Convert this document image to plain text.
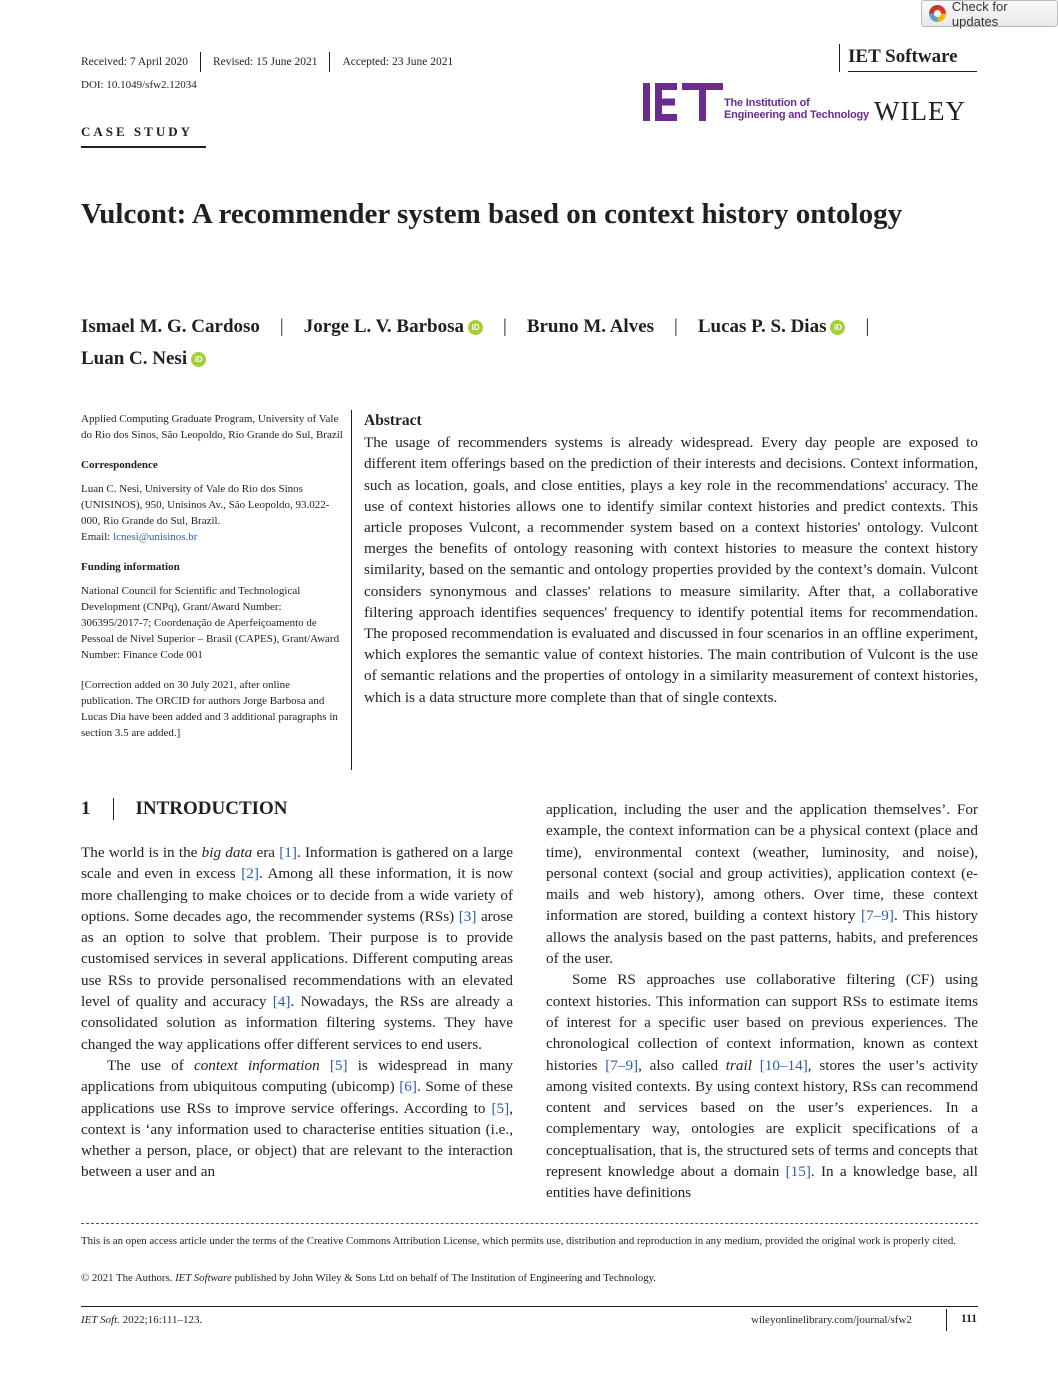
Check for updates
Received: 7 April 2020	Revised: 15 June 2021	Accepted: 23 June 2021
DOI: 10.1049/sfw2.12034
IET Software
The Institution of
Engineering and Technology WILEY
CASE STUDY
Vulcont: A recommender system based on context history ontology
Ismael M. G. Cardoso | Jorge L. V. Barbosa iD | Bruno M. Alves | Lucas P. S. Dias iD |
Luan C. Nesi iD

Applied Computing Graduate Program, University of Vale do Rio dos Sinos, São Leopoldo, Rio Grande do Sul, Brazil

Correspondence
Luan C. Nesi, University of Vale do Rio dos Sinos (UNISINOS), 950, Unisinos Av., São Leopoldo, 93.022-000, Rio Grande do Sul, Brazil.
Email: lcnesi@unisinos.br

Funding information
National Council for Scientific and Technological Development (CNPq), Grant/Award Number: 306395/2017-7; Coordenação de Aperfeiçoamento de Pessoal de Nível Superior – Brasil (CAPES), Grant/Award Number: Finance Code 001

[Correction added on 30 July 2021, after online publication. The ORCID for authors Jorge Barbosa and Lucas Dia have been added and 3 additional paragraphs in section 3.5 are added.]

Abstract
The usage of recommenders systems is already widespread. Every day people are exposed to different item offerings based on the prediction of their interests and decisions. Context information, such as location, goals, and close entities, plays a key role in the recommendations' accuracy. The use of context histories allows one to identify similar context histories and predict contexts. This article proposes Vulcont, a recommender system based on a context histories' ontology. Vulcont merges the benefits of ontology reasoning with context histories to measure the context history similarity, based on the semantic and ontology properties provided by the context’s domain. Vulcont considers synonymous and classes' relations to measure similarity. After that, a collaborative filtering approach identifies sequences' frequency to identify potential items for recommendation. The proposed recommendation is evaluated and discussed in four scenarios in an offline experiment, which explores the semantic value of context histories. The main contribution of Vulcont is the use of semantic relations and the properties of ontology in a similarity measurement of context histories, which is a data structure more complete than that of single contexts.
1 INTRODUCTION

The world is in the big data era [1]. Information is gathered on a large scale and even in excess [2]. Among all these information, it is now more challenging to make choices or to decide from a wide variety of options. Some decades ago, the recommender systems (RSs) [3] arose as an option to solve that problem. Their purpose is to provide customised services in several applications. Different computing areas use RSs to provide personalised recommendations with an elevated level of quality and accuracy [4]. Nowadays, the RSs are already a consolidated solution as information filtering systems. They have changed the way applications offer different services to end users.

The use of context information [5] is widespread in many applications from ubiquitous computing (ubicomp) [6]. Some of these applications use RSs to improve service offerings. According to [5], context is ‘any information used to characterise entities situation (i.e., whether a person, place, or object) that are relevant to the interaction between a user and an

application, including the user and the application themselves’. For example, the context information can be a physical context (place and time), environmental context (weather, luminosity, and noise), personal context (social and group activities), application context (e-mails and web history), among others. Over time, these context information are stored, building a context history [7–9]. This history allows the analysis based on the past patterns, habits, and preferences of the user.

Some RS approaches use collaborative filtering (CF) using context histories. This information can support RSs to estimate items of interest for a specific user based on previous experiences. The chronological collection of context information, known as context histories [7–9], also called trail [10–14], stores the user’s activity among visited contexts. By using context history, RSs can recommend content and services based on the user’s experiences. In a complementary way, ontologies are explicit specifications of a conceptualisation, that is, the structured sets of terms and concepts that represent knowledge about a domain [15]. In a knowledge base, all entities have definitions

This is an open access article under the terms of the Creative Commons Attribution License, which permits use, distribution and reproduction in any medium, provided the original work is properly cited.
© 2021 The Authors. IET Software published by John Wiley & Sons Ltd on behalf of The Institution of Engineering and Technology.
IET Soft. 2022;16:111–123.	wileyonlinelibrary.com/journal/sfw2	111
